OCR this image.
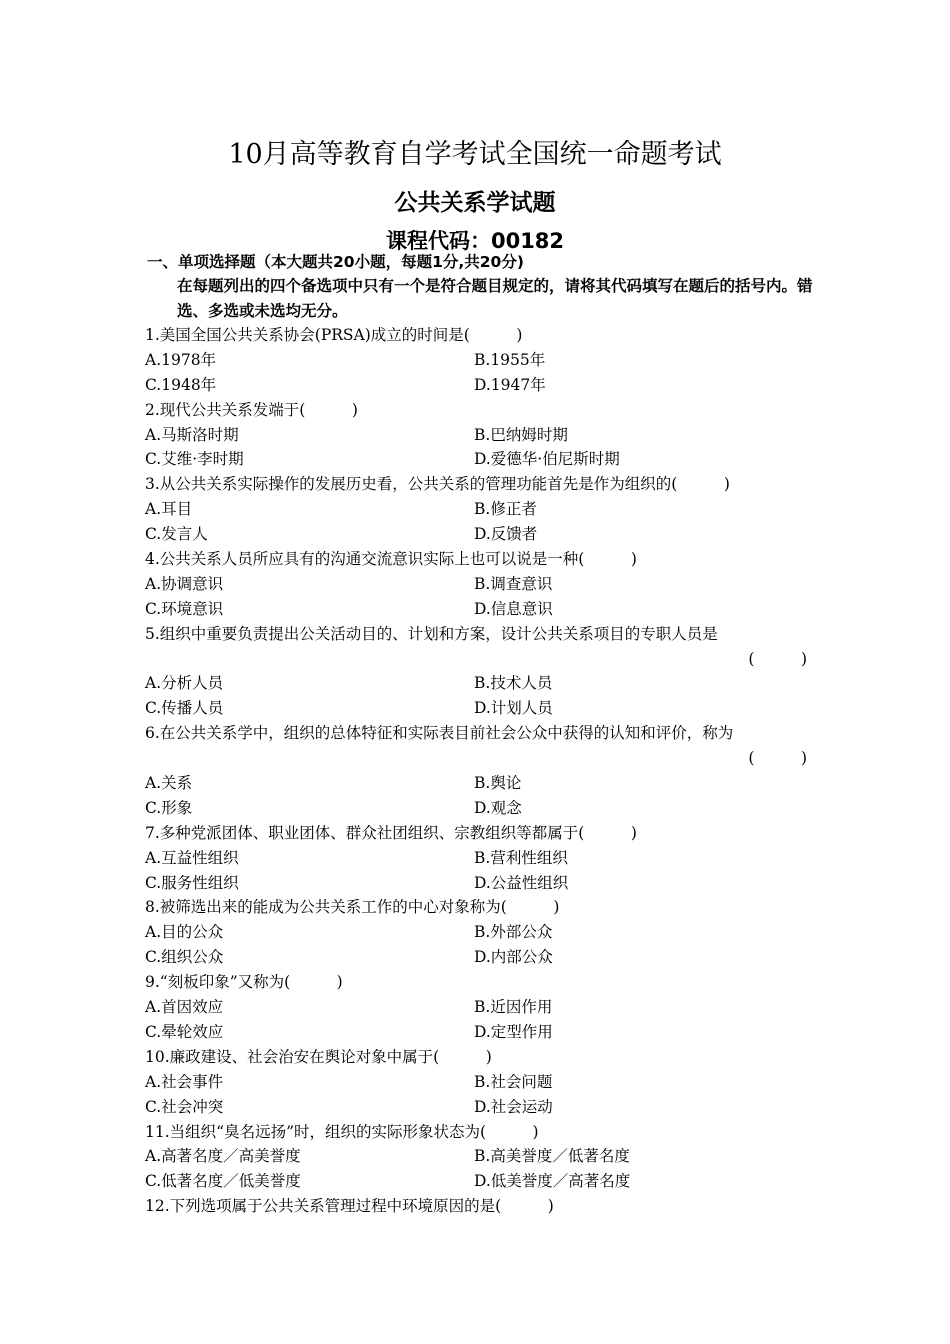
10月高等教育自学考试全国统一命题考试
公共关系学试题
课程代码：00182
一、单项选择题（本大题共20小题，每题1分,共20分)
在每题列出的四个备选项中只有一个是符合题目规定的，请将其代码填写在题后的括号内。错选、多选或未选均无分。
1.美国全国公共关系协会(PRSA)成立的时间是(　　　)
A.1978年	B.1955年
C.1948年	D.1947年
2.现代公共关系发端于(　　　)
A.马斯洛时期	B.巴纳姆时期
C.艾维·李时期	D.爱德华·伯尼斯时期
3.从公共关系实际操作的发展历史看，公共关系的管理功能首先是作为组织的(　　　)
A.耳目	B.修正者
C.发言人	D.反馈者
4.公共关系人员所应具有的沟通交流意识实际上也可以说是一种(　　　)
A.协调意识	B.调查意识
C.环境意识	D.信息意识
5.组织中重要负责提出公关活动目的、计划和方案，设计公共关系项目的专职人员是
(　　　)
A.分析人员	B.技术人员
C.传播人员	D.计划人员
6.在公共关系学中，组织的总体特征和实际表目前社会公众中获得的认知和评价，称为
(　　　)
A.关系	B.舆论
C.形象	D.观念
7.多种党派团体、职业团体、群众社团组织、宗教组织等都属于(　　　)
A.互益性组织	B.营利性组织
C.服务性组织	D.公益性组织
8.被筛选出来的能成为公共关系工作的中心对象称为(　　　)
A.目的公众	B.外部公众
C.组织公众	D.内部公众
9.“刻板印象”又称为(　　　)
A.首因效应	B.近因作用
C.晕轮效应	D.定型作用
10.廉政建设、社会治安在舆论对象中属于(　　　)
A.社会事件	B.社会问题
C.社会冲突	D.社会运动
11.当组织“臭名远扬”时，组织的实际形象状态为(　　　)
A.高著名度／高美誉度	B.高美誉度／低著名度
C.低著名度／低美誉度	D.低美誉度／高著名度
12.下列选项属于公共关系管理过程中环境原因的是(　　　)
